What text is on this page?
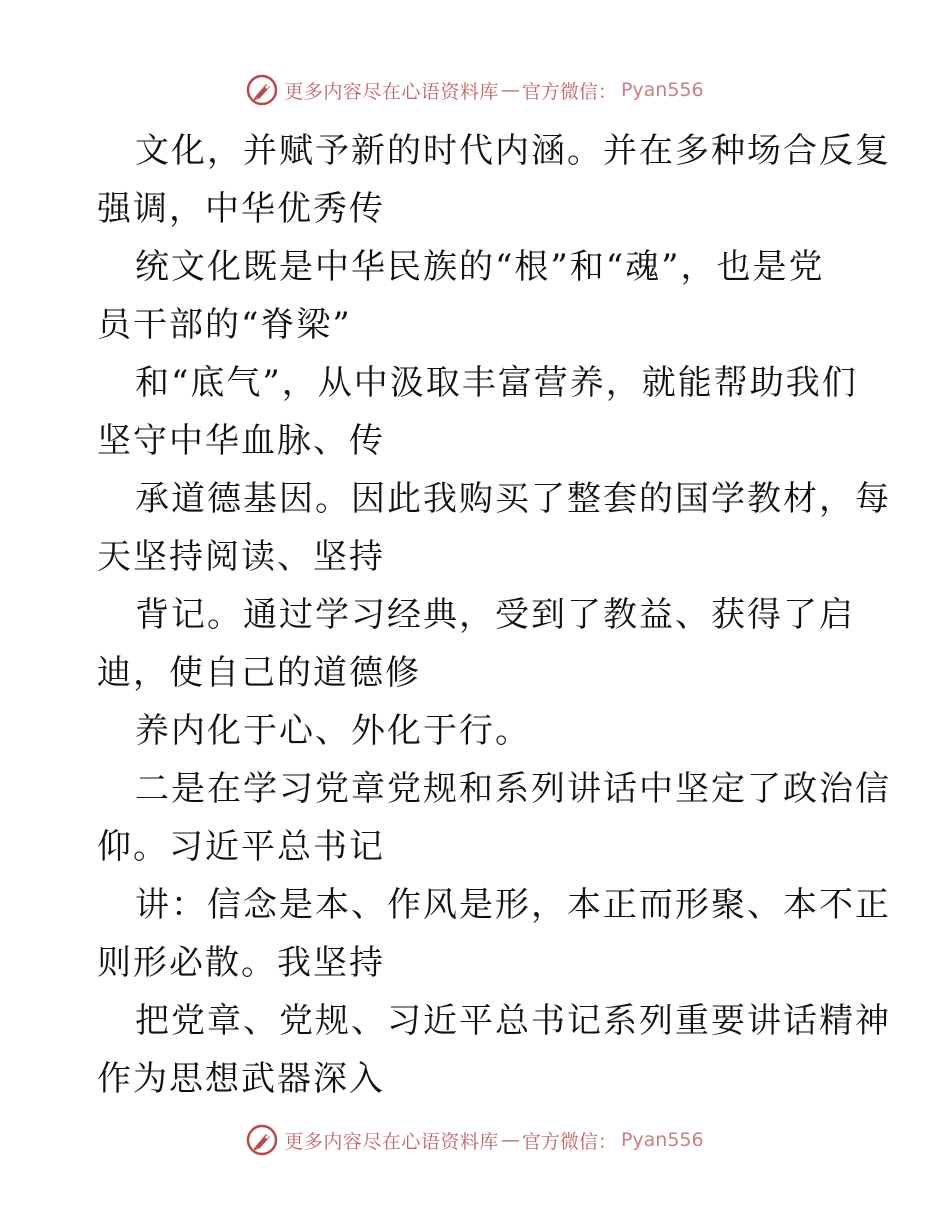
更多内容尽在心语资料库 — 官方微信： Pyan556
文化，并赋予新的时代内涵。并在多种场合反复
强调，中华优秀传
统文化既是中华民族的“根”和“魂”，也是党
员干部的“脊梁”
和“底气”，从中汲取丰富营养，就能帮助我们
坚守中华血脉、传
承道德基因。因此我购买了整套的国学教材，每
天坚持阅读、坚持
背记。通过学习经典，受到了教益、获得了启
迪，使自己的道德修
养内化于心、外化于行。
二是在学习党章党规和系列讲话中坚定了政治信
仰。习近平总书记
讲：信念是本、作风是形，本正而形聚、本不正
则形必散。我坚持
把党章、党规、习近平总书记系列重要讲话精神
作为思想武器深入
更多内容尽在心语资料库 — 官方微信： Pyan556
